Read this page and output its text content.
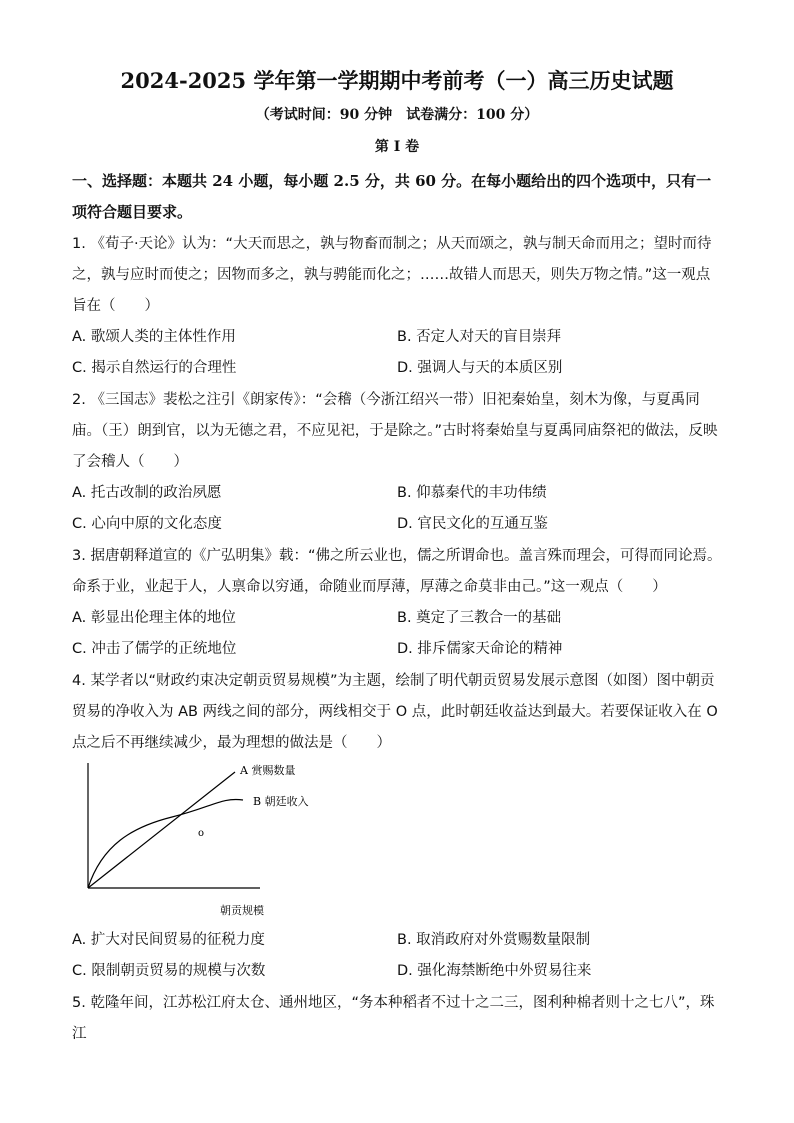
2024-2025 学年第一学期期中考前考（一）高三历史试题
（考试时间：90 分钟　试卷满分：100 分）
第 I 卷
一、选择题：本题共 24 小题，每小题 2.5 分，共 60 分。在每小题给出的四个选项中，只有一项符合题目要求。
1. 《荀子·天论》认为：“大天而思之，孰与物畜而制之；从天而颂之，孰与制天命而用之；望时而待之，孰与应时而使之；因物而多之，孰与骋能而化之；……故错人而思天，则失万物之情。”这一观点旨在（　　）
A. 歌颂人类的主体性作用	B. 否定人对天的盲目崇拜
C. 揭示自然运行的合理性	D. 强调人与天的本质区别
2. 《三国志》裴松之注引《朗家传》：“会稽（今浙江绍兴一带）旧祀秦始皇，刻木为像，与夏禹同庙。（王）朗到官，以为无德之君，不应见祀，于是除之。”古时将秦始皇与夏禹同庙祭祀的做法，反映了会稽人（　　）
A. 托古改制的政治夙愿	B. 仰慕秦代的丰功伟绩
C. 心向中原的文化态度	D. 官民文化的互通互鉴
3. 据唐朝释道宣的《广弘明集》载：“佛之所云业也，儒之所谓命也。盖言殊而理会，可得而同论焉。命系于业，业起于人，人禀命以穷通，命随业而厚薄，厚薄之命莫非由己。”这一观点（　　）
A. 彰显出伦理主体的地位	B. 奠定了三教合一的基础
C. 冲击了儒学的正统地位	D. 排斥儒家天命论的精神
4. 某学者以“财政约束决定朝贡贸易规模”为主题，绘制了明代朝贡贸易发展示意图（如图）图中朝贡贸易的净收入为 AB 两线之间的部分，两线相交于 O 点，此时朝廷收益达到最大。若要保证收入在 O 点之后不再继续减少，最为理想的做法是（　　）
A 赏赐数量
B 朝廷收入
o
朝贡规模
A. 扩大对民间贸易的征税力度	B. 取消政府对外赏赐数量限制
C. 限制朝贡贸易的规模与次数	D. 强化海禁断绝中外贸易往来
5. 乾隆年间，江苏松江府太仓、通州地区，“务本种稻者不过十之二三，图利种棉者则十之七八”，珠江
